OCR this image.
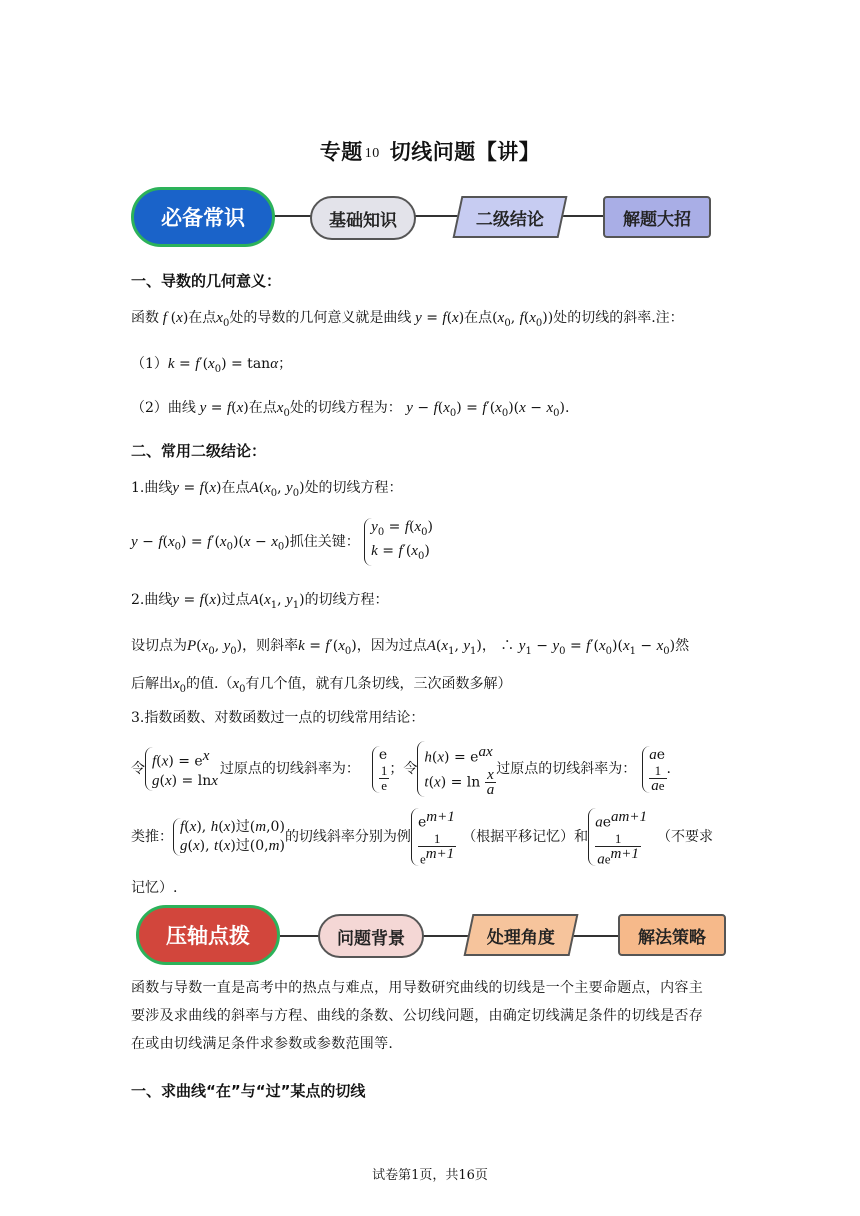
专题 10 切线问题【讲】
必备常识	基础知识	二级结论	解题大招
一、导数的几何意义：
函数 f (x)在点$x_0$处的导数的几何意义就是曲线 y = f(x)在点($x_0$, $f(x_0)$)处的切线的斜率.注：
$(1)k = f'(x_0) = \tan\alpha$；
（2）曲线 y = f(x)在点$x_0$处的切线方程为： $y - f(x_0) = f'(x_0)(x - x_0)$.
二、常用二级结论：
1.曲线y = f(x)在点$A(x_0$, $y_0$)处的切线方程：
$y - f(x_0) = f'(x_0)(x - x_0)$抓住关键： $y_0 = f(x_0)$
$k = f'(x_0)$
2.曲线y = f(x)过点$A(x_1$, $y_1$)的切线方程：
设切点为$P(x_0$, $y_0$)，则斜率$k = f'(x_0)$，因为过点$A(x_1$, $y_1$)， ∴ $y_1 - y_0 = f'(x_0)(x_1 - x_0)$然
后解出$x_0$的值$.(x_0$有几个值，就有几条切线，三次函数多解）
3.指数函数、对数函数过一点的切线常用结论：
令 $f(x) = e^x$
g(x) = lnx
过原点的切线斜率为：
e

$\frac{1}{e}$ ；令
$h(x) = e^{ax}$
$t(x) = \ln \frac{x}{a}$ 过原点的切线斜率为：
ae

$\frac{1}{ae}$ .
类推：
f(x), h(x)过(m,0)
g(x), t(x)过(0,m)
的切线斜率分别为例
$e^{m+1}$

$\frac{1}{e^{m+1}}$ （根据平移记忆）和
$ae^{am+1}$

$\frac{1}{ae^{m+1}}$ （不要求
记忆）.
压轴点拨	问题背景	处理角度	解法策略
函数与导数一直是高考中的热点与难点，用导数研究曲线的切线是一个主要命题点，内容主
要涉及求曲线的斜率与方程、曲线的条数、公切线问题，由确定切线满足条件的切线是否存
在或由切线满足条件求参数或参数范围等.
一、求曲线“在”与“过”某点的切线
试卷第1页，共16页
